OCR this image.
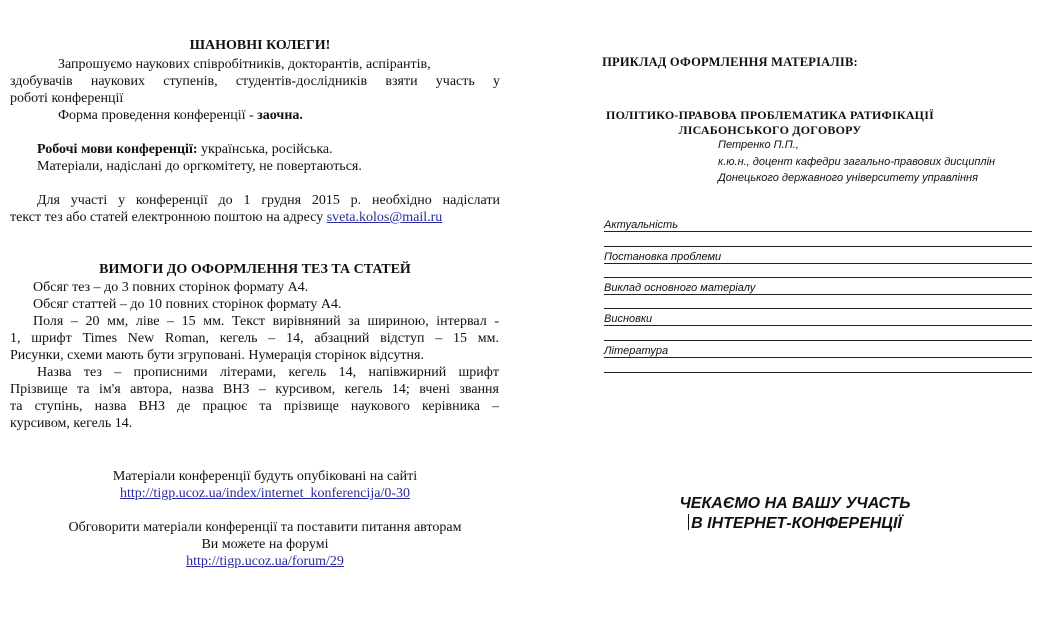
ШАНОВНІ КОЛЕГИ!
Запрошуємо наукових співробітників, докторантів, аспірантів,
здобувачів наукових ступенів, студентів-дослідників взяти участь у
роботі конференції
Форма проведення конференції - заочна.
Робочі мови конференції: українська, російська.
Матеріали, надіслані до оргкомітету, не повертаються.
Для участі у конференції до 1 грудня 2015 р. необхідно надіслати
текст тез або статей електронною поштою на адресу sveta.kolos@mail.ru
ВИМОГИ ДО ОФОРМЛЕННЯ ТЕЗ ТА СТАТЕЙ
Обсяг тез – до 3 повних сторінок формату А4.
Обсяг статтей – до 10 повних сторінок формату А4.
Поля – 20 мм, ліве – 15 мм. Текст вирівняний за шириною, інтервал -
1, шрифт Times New Roman, кегель – 14, абзацний відступ – 15 мм.
Рисунки, схеми мають бути згруповані. Нумерація сторінок відсутня.
Назва тез – прописними літерами, кегель 14, напівжирний шрифт
Прізвище та ім'я автора, назва ВНЗ – курсивом, кегель 14; вчені звання
та ступінь, назва ВНЗ де працює та прізвище наукового керівника –
курсивом, кегель 14.
Матеріали конференції будуть опубіковані на сайті
http://tigp.ucoz.ua/index/internet_konferencija/0-30
Обговорити матеріали конференції та поставити питання авторам
Ви можете на форумі
http://tigp.ucoz.ua/forum/29
ПРИКЛАД ОФОРМЛЕННЯ МАТЕРІАЛІВ:
ПОЛІТИКО-ПРАВОВА ПРОБЛЕМАТИКА РАТИФІКАЦІЇ
ЛІСАБОНСЬКОГО ДОГОВОРУ
Петренко П.П.,
к.ю.н., доцент кафедри загально-правових дисциплін
Донецького державного університету управління
Актуальність
Постановка проблеми
Виклад основного матеріалу
Висновки
Література
ЧЕКАЄМО НА ВАШУ УЧАСТЬ
В ІНТЕРНЕТ-КОНФЕРЕНЦІЇ
